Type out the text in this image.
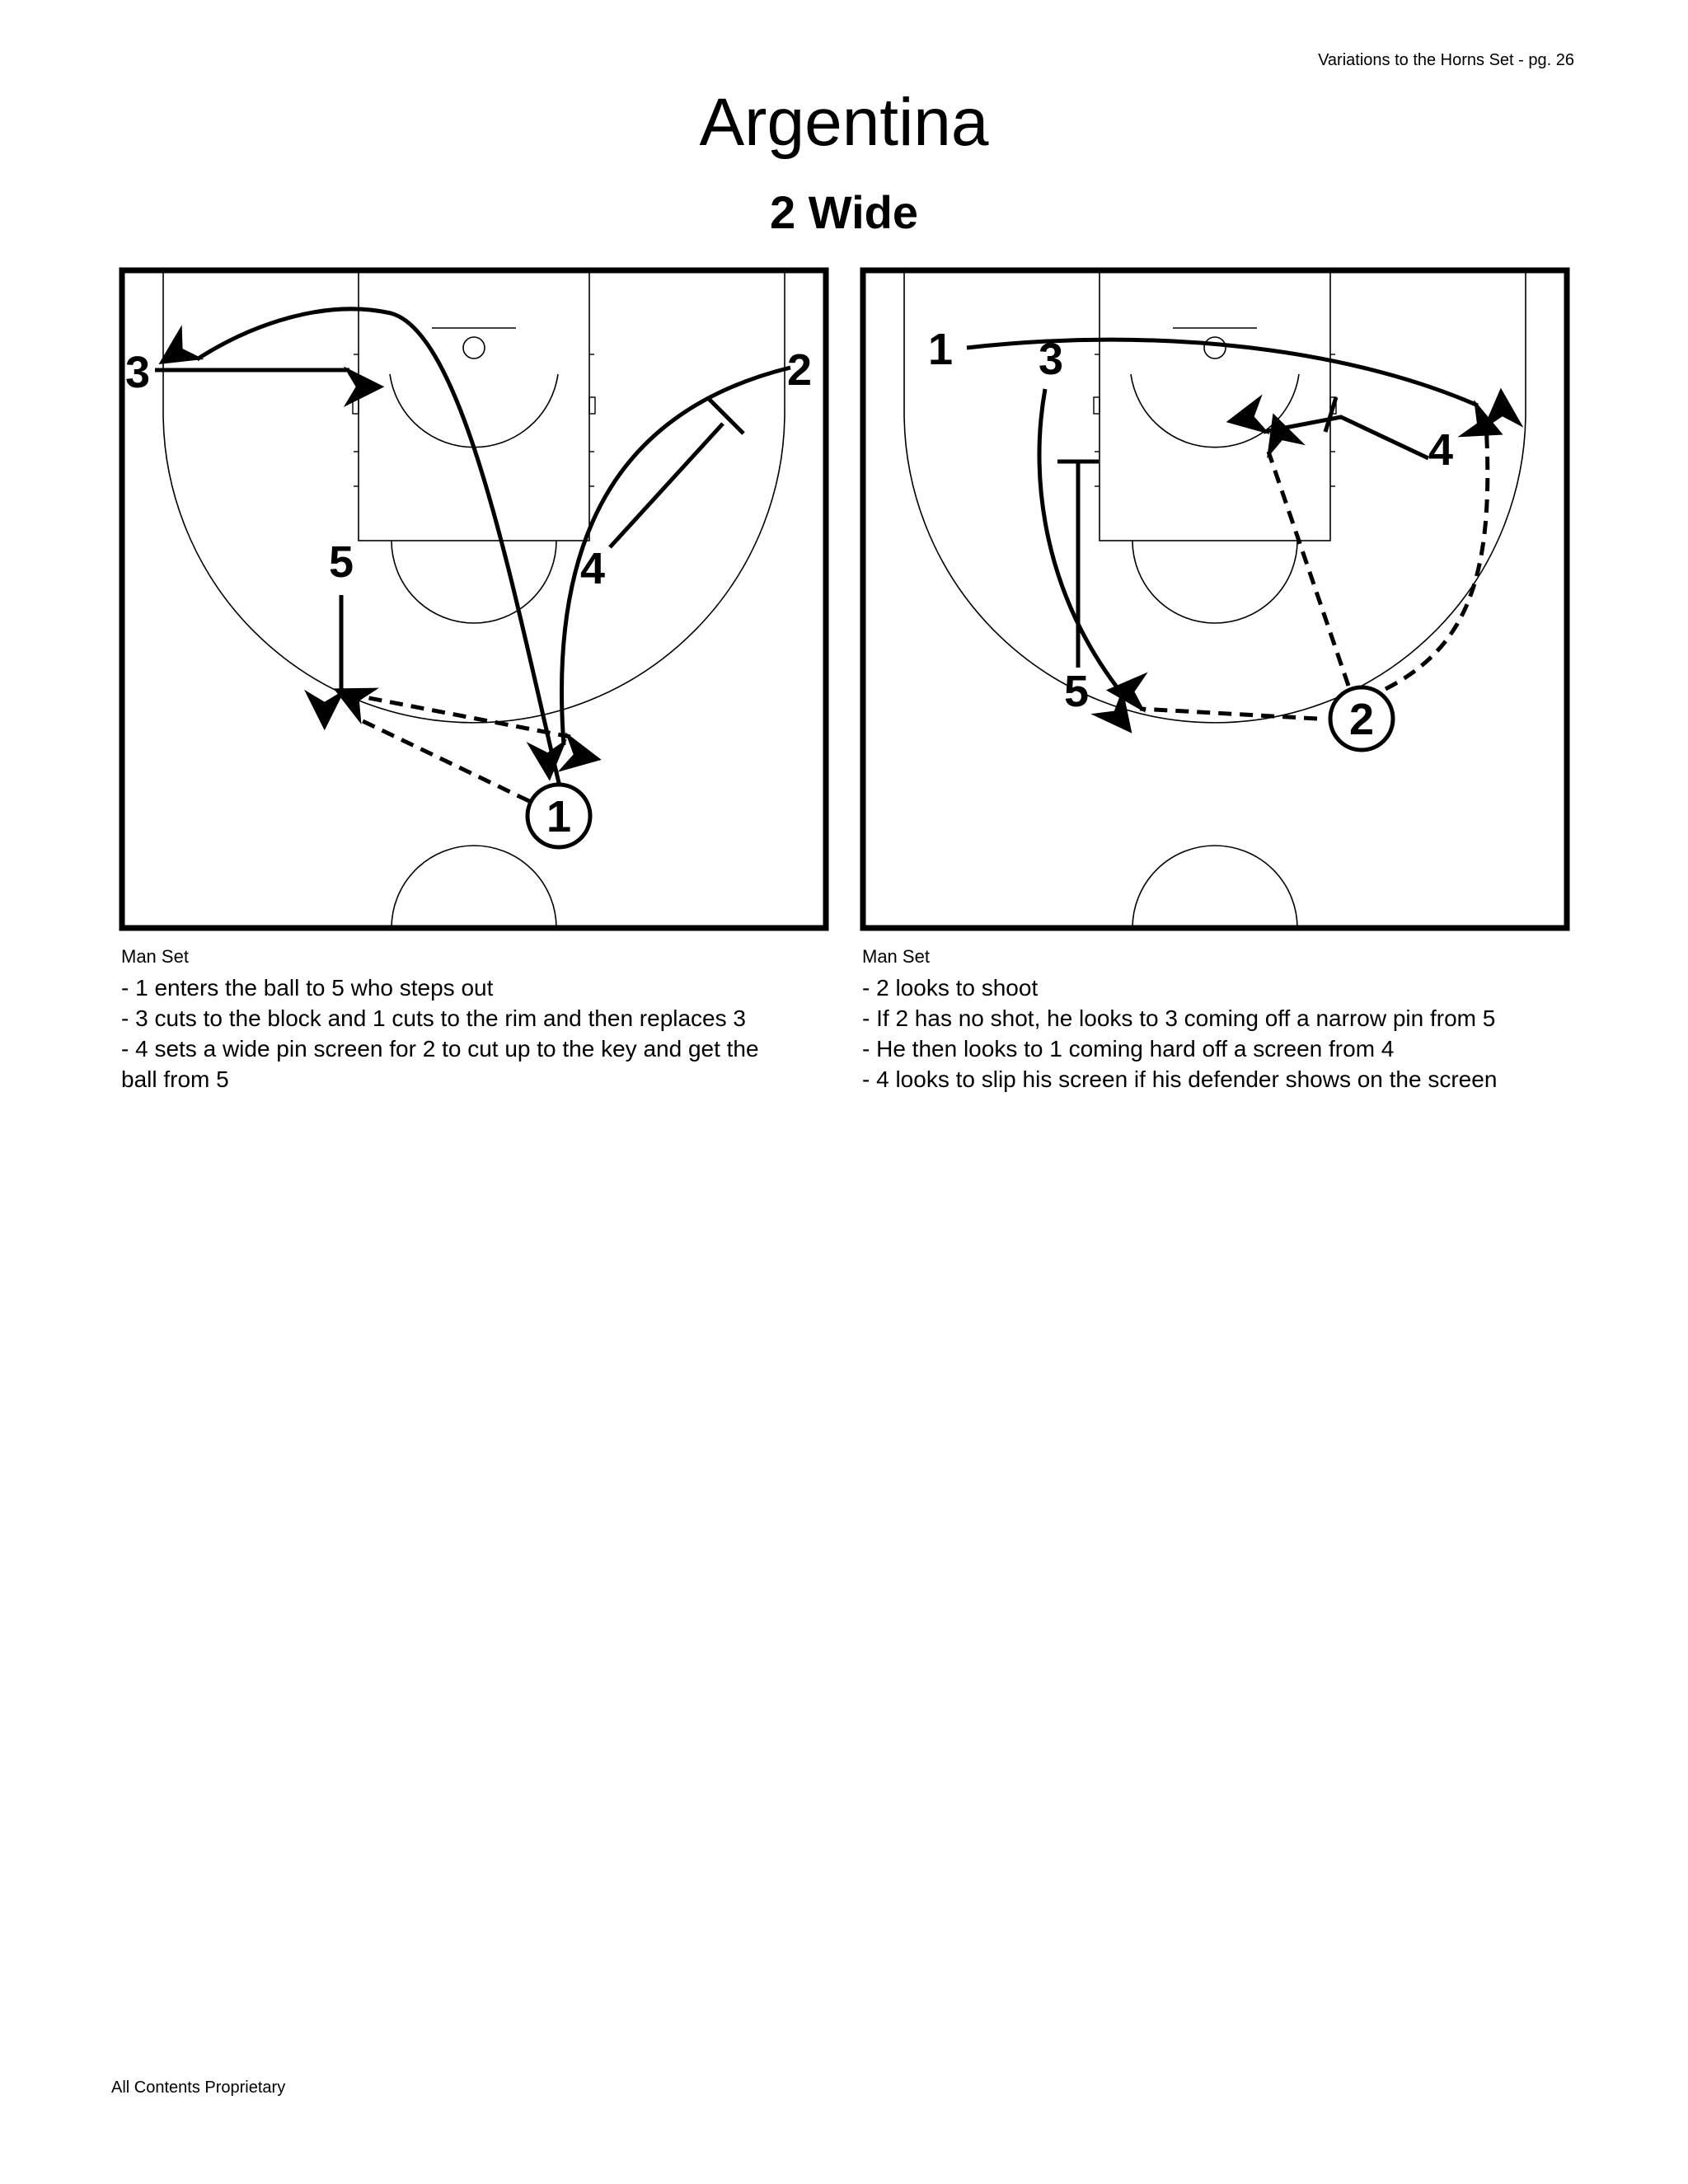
Variations to the Horns Set - pg. 26
Argentina
2 Wide
1
2
3
4
5
2
1 3
4
5
Man Set
- 1 enters the ball to 5 who steps out
- 3 cuts to the block and 1 cuts to the rim and then replaces 3
- 4 sets a wide pin screen for 2 to cut up to the key and get the
ball from 5
Man Set
- 2 looks to shoot
- If 2 has no shot, he looks to 3 coming off a narrow pin from 5
- He then looks to 1 coming hard off a screen from 4
- 4 looks to slip his screen if his defender shows on the screen
All Contents Proprietary
